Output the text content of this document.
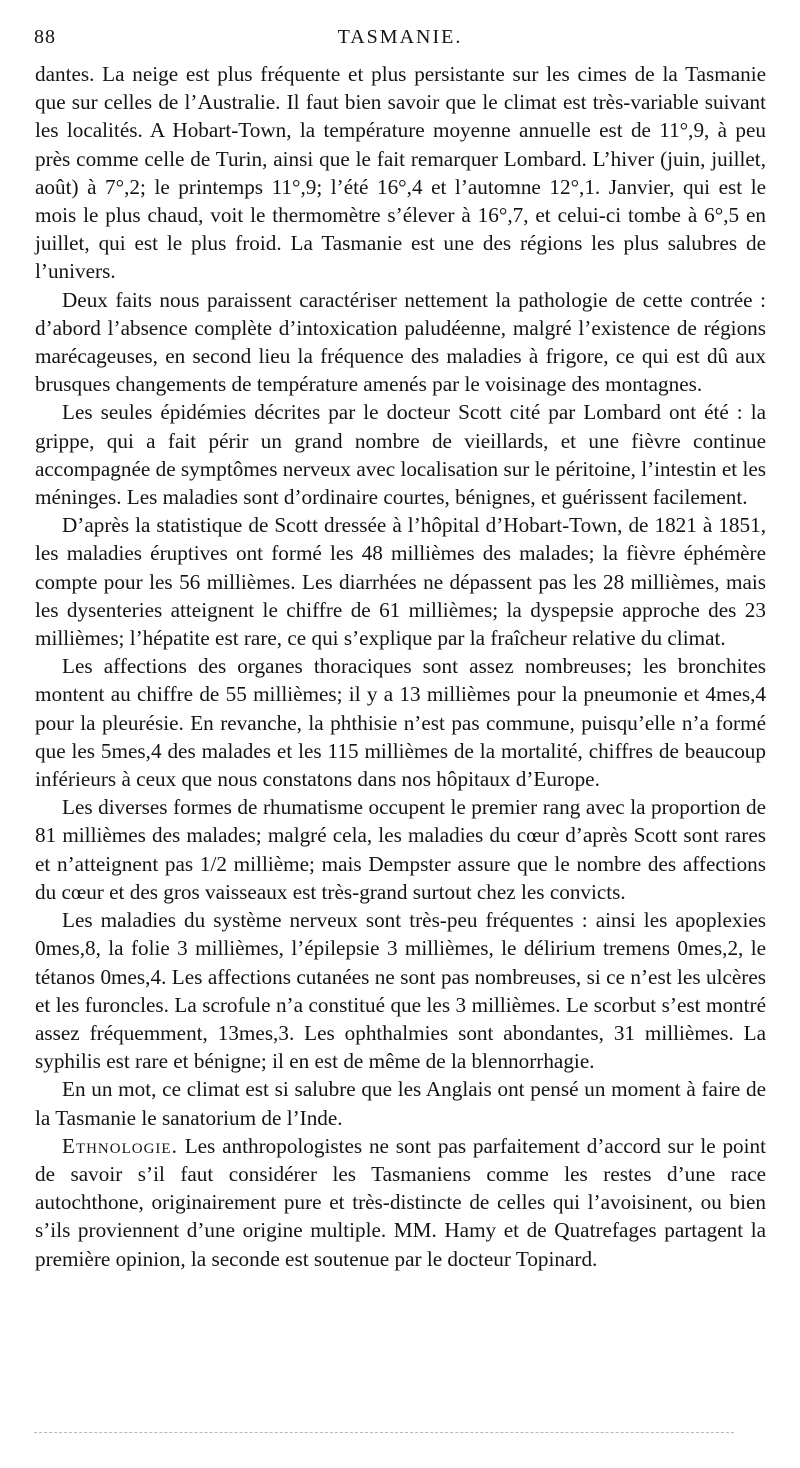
88	TASMANIE.

dantes. La neige est plus fréquente et plus persistante sur les cimes de la Tasmanie que sur celles de l’Australie. Il faut bien savoir que le climat est très-variable suivant les localités. A Hobart-Town, la température moyenne annuelle est de 11°,9, à peu près comme celle de Turin, ainsi que le fait remarquer Lombard. L’hiver (juin, juillet, août) à 7°,2; le printemps 11°,9; l’été 16°,4 et l’automne 12°,1. Janvier, qui est le mois le plus chaud, voit le thermomètre s’élever à 16°,7, et celui-ci tombe à 6°,5 en juillet, qui est le plus froid. La Tasmanie est une des régions les plus salubres de l’univers.

Deux faits nous paraissent caractériser nettement la pathologie de cette contrée : d’abord l’absence complète d’intoxication paludéenne, malgré l’existence de régions marécageuses, en second lieu la fréquence des maladies à frigore, ce qui est dû aux brusques changements de température amenés par le voisinage des montagnes.

Les seules épidémies décrites par le docteur Scott cité par Lombard ont été : la grippe, qui a fait périr un grand nombre de vieillards, et une fièvre continue accompagnée de symptômes nerveux avec localisation sur le péritoine, l’intestin et les méninges. Les maladies sont d’ordinaire courtes, bénignes, et guérissent facilement.

D’après la statistique de Scott dressée à l’hôpital d’Hobart-Town, de 1821 à 1851, les maladies éruptives ont formé les 48 millièmes des malades; la fièvre éphémère compte pour les 56 millièmes. Les diarrhées ne dépassent pas les 28 millièmes, mais les dysenteries atteignent le chiffre de 61 millièmes; la dyspepsie approche des 23 millièmes; l’hépatite est rare, ce qui s’explique par la fraîcheur relative du climat.

Les affections des organes thoraciques sont assez nombreuses; les bronchites montent au chiffre de 55 millièmes; il y a 13 millièmes pour la pneumonie et 4mes,4 pour la pleurésie. En revanche, la phthisie n’est pas commune, puisqu’elle n’a formé que les 5mes,4 des malades et les 115 millièmes de la mortalité, chiffres de beaucoup inférieurs à ceux que nous constatons dans nos hôpitaux d’Europe.

Les diverses formes de rhumatisme occupent le premier rang avec la proportion de 81 millièmes des malades; malgré cela, les maladies du cœur d’après Scott sont rares et n’atteignent pas 1/2 millième; mais Dempster assure que le nombre des affections du cœur et des gros vaisseaux est très-grand surtout chez les convicts.

Les maladies du système nerveux sont très-peu fréquentes : ainsi les apoplexies 0mes,8, la folie 3 millièmes, l’épilepsie 3 millièmes, le délirium tremens 0mes,2, le tétanos 0mes,4. Les affections cutanées ne sont pas nombreuses, si ce n’est les ulcères et les furoncles. La scrofule n’a constitué que les 3 millièmes. Le scorbut s’est montré assez fréquemment, 13mes,3. Les ophthalmies sont abondantes, 31 millièmes. La syphilis est rare et bénigne; il en est de même de la blennorrhagie.

En un mot, ce climat est si salubre que les Anglais ont pensé un moment à faire de la Tasmanie le sanatorium de l’Inde.

Ethnologie. Les anthropologistes ne sont pas parfaitement d’accord sur le point de savoir s’il faut considérer les Tasmaniens comme les restes d’une race autochthone, originairement pure et très-distincte de celles qui l’avoisinent, ou bien s’ils proviennent d’une origine multiple. MM. Hamy et de Quatrefages partagent la première opinion, la seconde est soutenue par le docteur Topinard.
